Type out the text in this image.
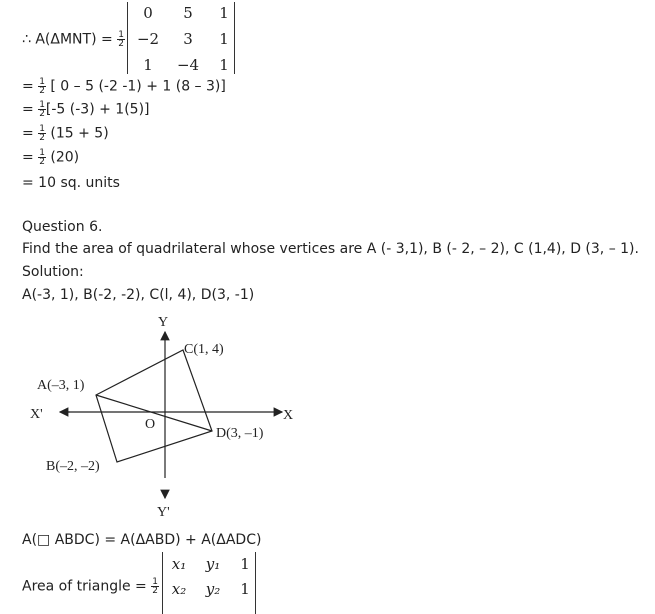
∴ $A(\Delta MNT) = \frac{1}{2}$
0	5	1
−2	3	1
1	−4	1
= $\frac{1}{2}$ [ 0 – 5 (-2 -1) + 1 (8 – 3)]
= $\frac{1}{2} [-5$ (-3) + 1(5)]
= $\frac{1}{2} (15 + 5)$
= $\frac{1}{2} (20)$
= 10 sq. units
Question 6.
Find the area of quadrilateral whose vertices are A (- 3,1), B (- 2, – 2), C (1,4), D (3, – 1).
Solution:
A(-3, 1), B(-2, -2), C(l, 4), D(3, -1)
Y
C(1, 4)
A(–3, 1)
X'	X
O
D(3, –1)
B(–2, –2)
Y'
A(□ ABDC) = A(ΔABD) + A(ΔADC)
Area of triangle = $\frac{1}{2}$
x₁	y₁	1
x₂	y₂	1
